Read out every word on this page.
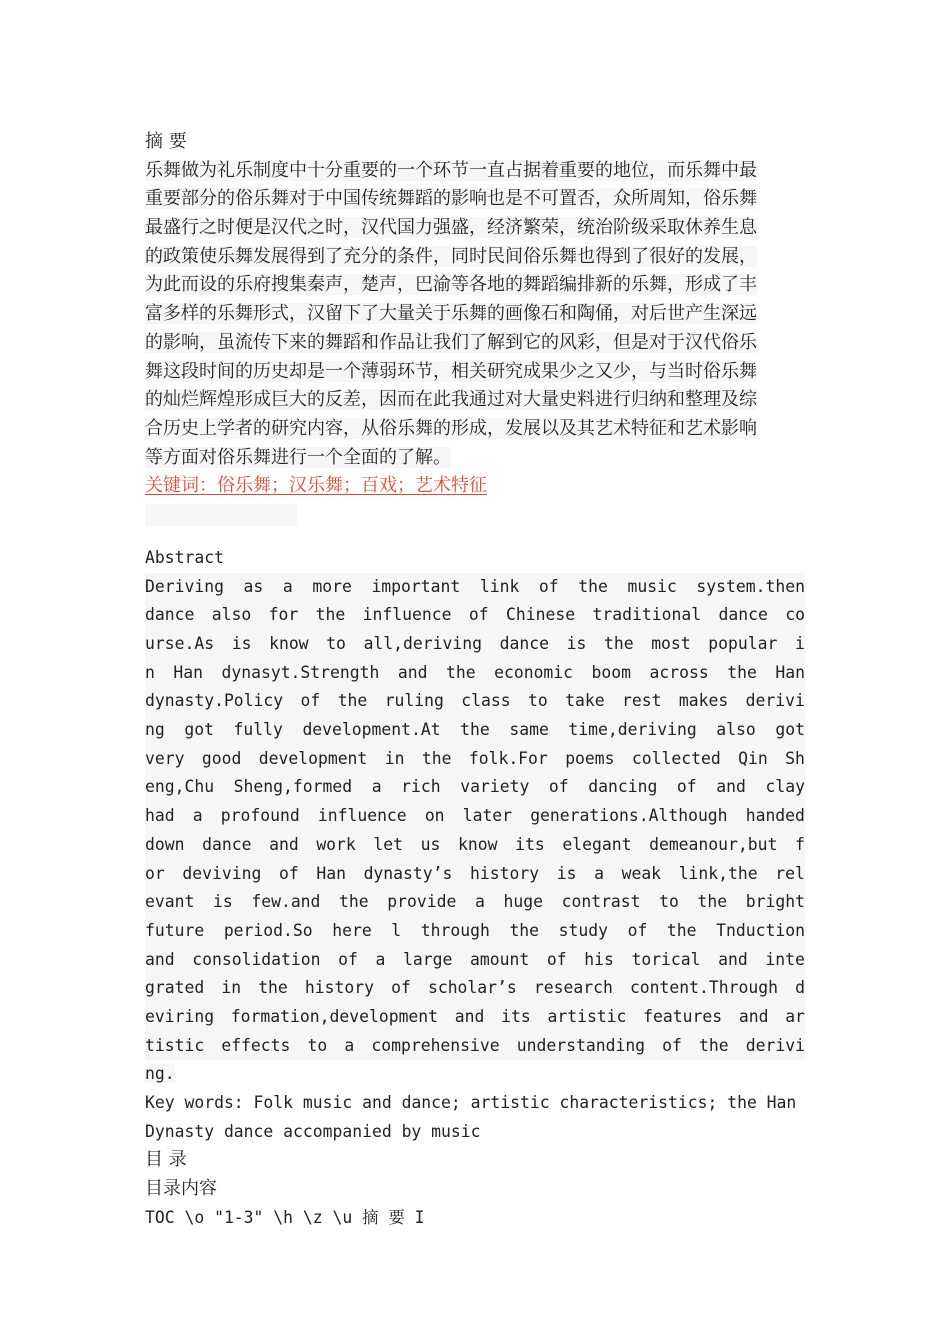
摘 要
乐舞做为礼乐制度中十分重要的一个环节一直占据着重要的地位，而乐舞中最
重要部分的俗乐舞对于中国传统舞蹈的影响也是不可置否，众所周知，俗乐舞
最盛行之时便是汉代之时，汉代国力强盛，经济繁荣，统治阶级采取休养生息
的政策使乐舞发展得到了充分的条件，同时民间俗乐舞也得到了很好的发展，
为此而设的乐府搜集秦声，楚声，巴渝等各地的舞蹈编排新的乐舞，形成了丰
富多样的乐舞形式，汉留下了大量关于乐舞的画像石和陶俑，对后世产生深远
的影响，虽流传下来的舞蹈和作品让我们了解到它的风彩，但是对于汉代俗乐
舞这段时间的历史却是一个薄弱环节，相关研究成果少之又少，与当时俗乐舞
的灿烂辉煌形成巨大的反差，因而在此我通过对大量史料进行归纳和整理及综
合历史上学者的研究内容，从俗乐舞的形成，发展以及其艺术特征和艺术影响
等方面对俗乐舞进行一个全面的了解。
关键词：俗乐舞；汉乐舞；百戏；艺术特征
Abstract
Deriving as a more important link of the music system.then
dance also for the influence of Chinese traditional dance co
urse.As is know to all,deriving dance is the most popular i
n Han dynasyt.Strength and the economic boom across the Han
dynasty.Policy of the ruling class to take rest makes derivi
ng got fully development.At the same time,deriving also got
very good development in the folk.For poems collected Qin Sh
eng,Chu Sheng,formed a rich variety of dancing of and clay
had a profound influence on later generations.Although handed
down dance and work let us know its elegant demeanour,but f
or deviving of Han dynasty’s history is a weak link,the rel
evant is few.and the provide a huge contrast to the bright
future period.So here l through the study of the Tnduction
and consolidation of a large amount of his torical and inte
grated in the history of scholar’s research content.Through d
eviring formation,development and its artistic features and ar
tistic effects to a comprehensive understanding of the derivi
ng.
Key words: Folk music and dance; artistic characteristics; the Han
Dynasty dance accompanied by music
目 录
目录内容
TOC \o "1-3" \h \z \u 摘 要 I
